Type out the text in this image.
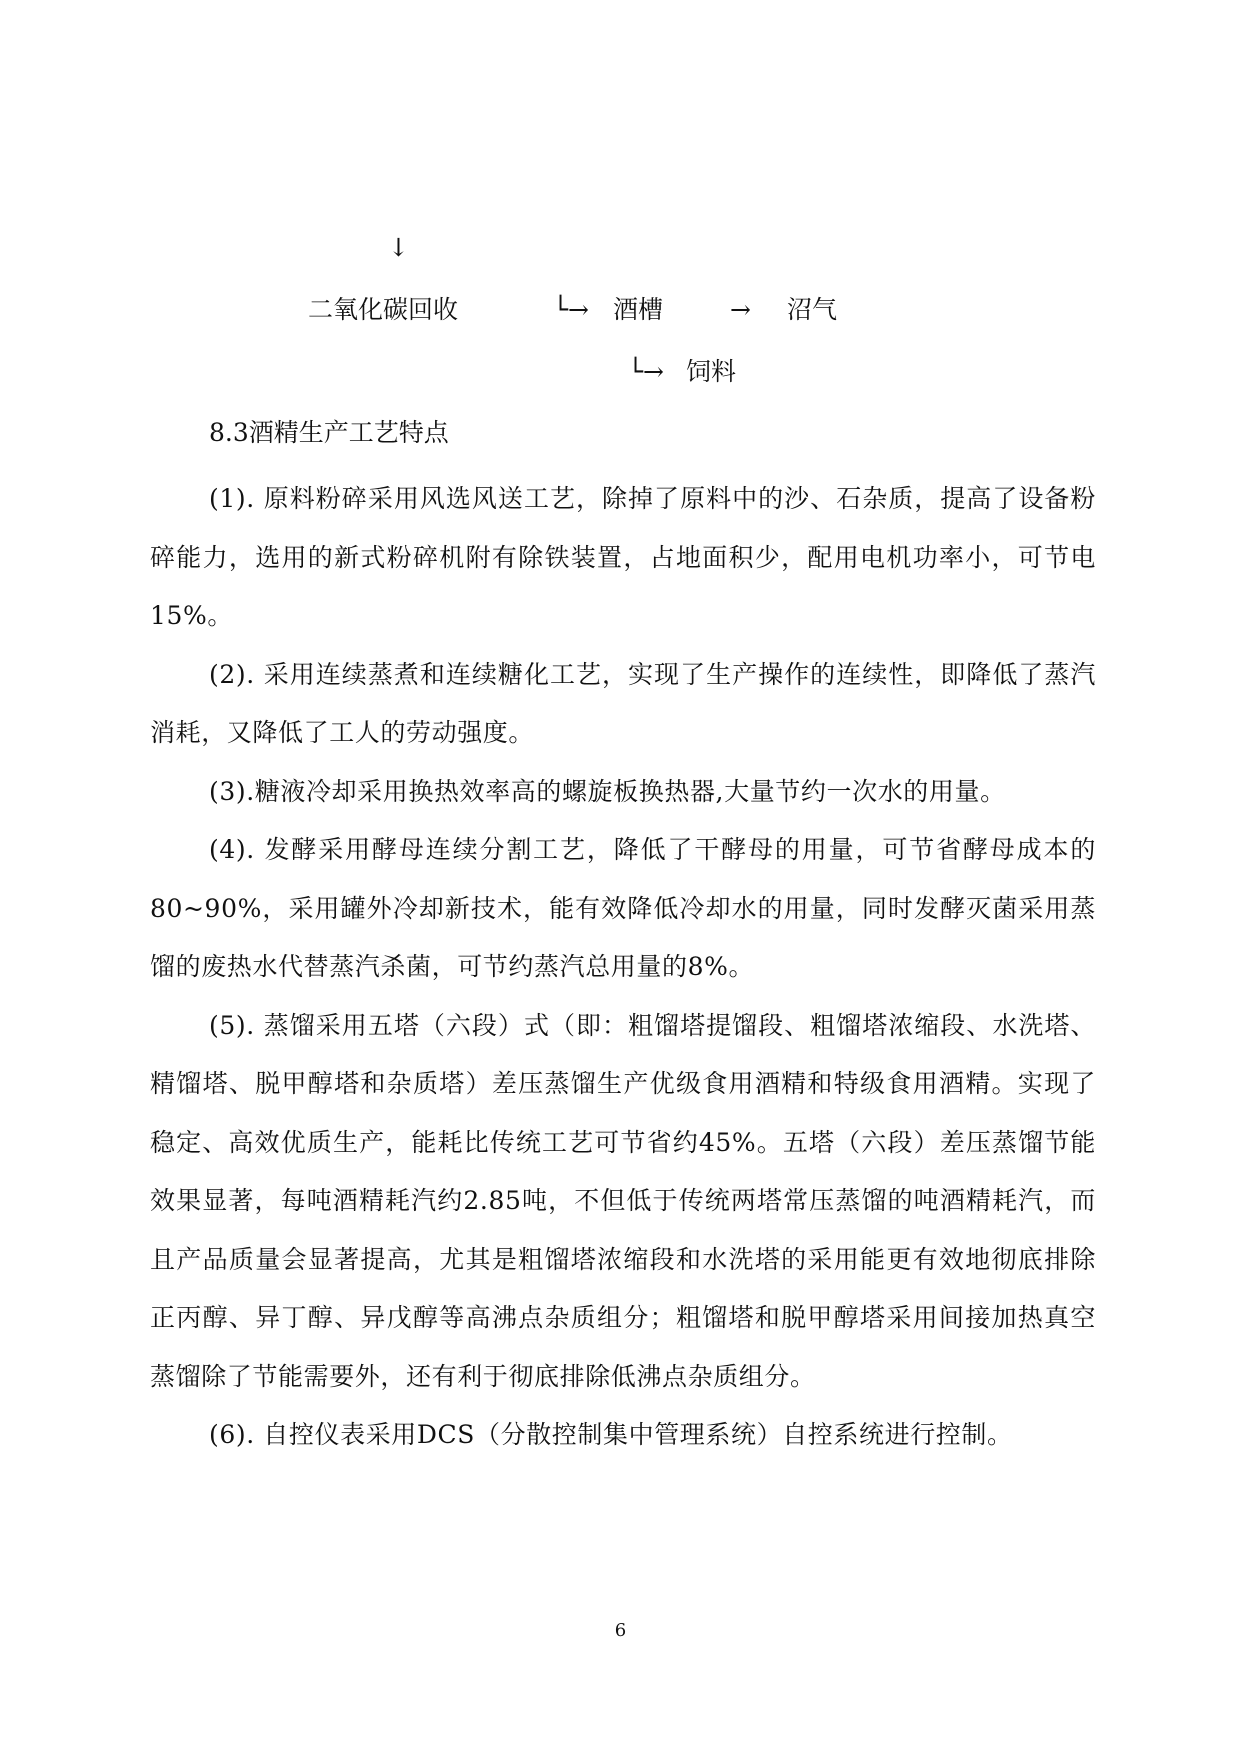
↓
二氧化碳回收	└→ 酒槽	→ 沼气
└→ 饲料
8.3酒精生产工艺特点

(1). 原料粉碎采用风选风送工艺，除掉了原料中的沙、石杂质，提高了设备粉碎能力，选用的新式粉碎机附有除铁装置，占地面积少，配用电机功率小，可节电15%。

(2). 采用连续蒸煮和连续糖化工艺，实现了生产操作的连续性，即降低了蒸汽消耗，又降低了工人的劳动强度。

(3).糖液冷却采用换热效率高的螺旋板换热器,大量节约一次水的用量。

(4). 发酵采用酵母连续分割工艺，降低了干酵母的用量，可节省酵母成本的80~90%，采用罐外冷却新技术，能有效降低冷却水的用量，同时发酵灭菌采用蒸馏的废热水代替蒸汽杀菌，可节约蒸汽总用量的8%。

(5). 蒸馏采用五塔（六段）式（即：粗馏塔提馏段、粗馏塔浓缩段、水洗塔、精馏塔、脱甲醇塔和杂质塔）差压蒸馏生产优级食用酒精和特级食用酒精。实现了稳定、高效优质生产，能耗比传统工艺可节省约45%。五塔（六段）差压蒸馏节能效果显著，每吨酒精耗汽约2.85吨，不但低于传统两塔常压蒸馏的吨酒精耗汽，而且产品质量会显著提高，尤其是粗馏塔浓缩段和水洗塔的采用能更有效地彻底排除正丙醇、异丁醇、异戊醇等高沸点杂质组分；粗馏塔和脱甲醇塔采用间接加热真空蒸馏除了节能需要外，还有利于彻底排除低沸点杂质组分。

(6). 自控仪表采用DCS（分散控制集中管理系统）自控系统进行控制。

6
